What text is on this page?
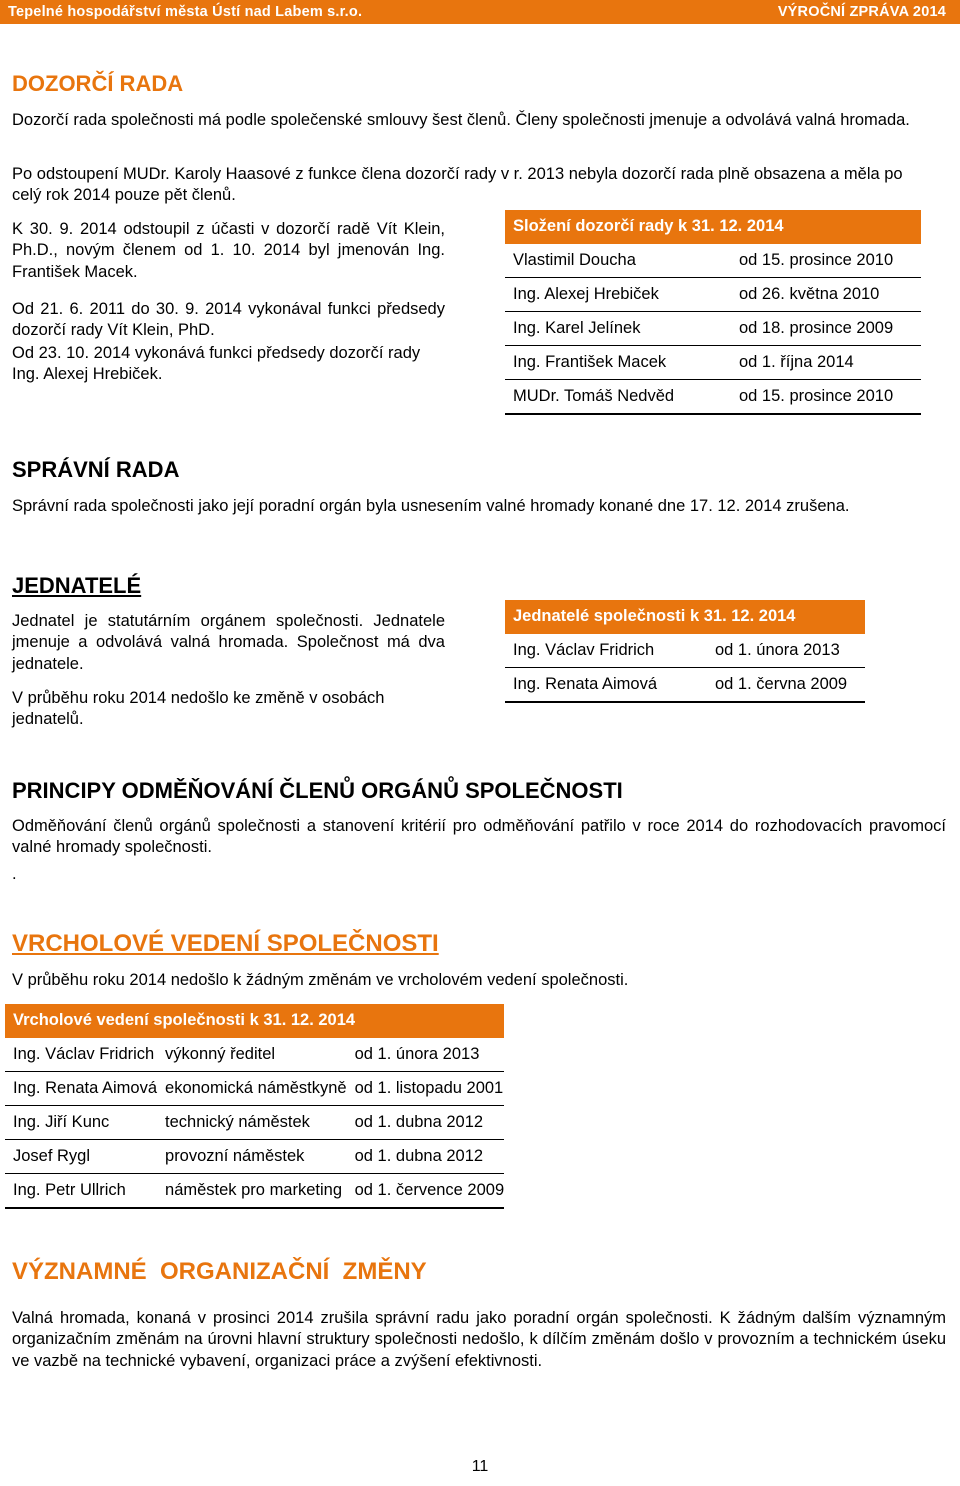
Tepelné hospodářství města Ústí nad Labem s.r.o.	VÝROČNÍ ZPRÁVA 2014
DOZORČÍ RADA

Dozorčí rada společnosti má podle společenské smlouvy šest členů. Členy společnosti jmenuje a odvolává valná hromada.

Po odstoupení MUDr. Karoly Haasové z funkce člena dozorčí rady v r. 2013 nebyla dozorčí rada plně obsazena a měla po celý rok 2014 pouze pět členů.

K 30. 9. 2014 odstoupil z účasti v dozorčí radě Vít Klein, Ph.D., novým členem od 1. 10. 2014 byl jmenován Ing. František Macek.

Od 21. 6. 2011 do 30. 9. 2014 vykonával funkci předsedy dozorčí rady Vít Klein, PhD.

Od 23. 10. 2014 vykonává funkci předsedy dozorčí rady Ing. Alexej Hrebiček.

Složení dozorčí rady k 31. 12. 2014	
Vlastimil Doucha	od 15. prosince 2010
Ing. Alexej Hrebiček	od 26. května 2010
Ing. Karel Jelínek	od 18. prosince 2009
Ing. František Macek	od 1. října 2014
MUDr. Tomáš Nedvěd	od 15. prosince 2010
SPRÁVNÍ RADA

Správní rada společnosti jako její poradní orgán byla usnesením valné hromady konané dne 17. 12. 2014 zrušena.

JEDNATELÉ

Jednatel je statutárním orgánem společnosti. Jednatele jmenuje a odvolává valná hromada. Společnost má dva jednatele.

V průběhu roku 2014 nedošlo ke změně v osobách jednatelů.

Jednatelé společnosti k 31. 12. 2014	
Ing. Václav Fridrich	od 1. února 2013
Ing. Renata Aimová	od 1. června 2009
PRINCIPY ODMĚŇOVÁNÍ ČLENŮ ORGÁNŮ SPOLEČNOSTI

Odměňování členů orgánů společnosti a stanovení kritérií pro odměňování patřilo v roce 2014 do rozhodovacích pravomocí valné hromady společnosti.

.

VRCHOLOVÉ VEDENÍ SPOLEČNOSTI

V průběhu roku 2014 nedošlo k žádným změnám ve vrcholovém vedení společnosti.

Vrcholové vedení společnosti k 31. 12. 2014		
Ing. Václav Fridrich	výkonný ředitel	od 1. února 2013
Ing. Renata Aimová	ekonomická náměstkyně	od 1. listopadu 2001
Ing. Jiří Kunc	technický náměstek	od 1. dubna 2012
Josef Rygl	provozní náměstek	od 1. dubna 2012
Ing. Petr Ullrich	náměstek pro marketing	od 1. července 2009
VÝZNAMNÉ  ORGANIZAČNÍ  ZMĚNY

Valná hromada, konaná v prosinci 2014 zrušila správní radu jako poradní orgán společnosti. K žádným dalším významným organizačním změnám na úrovni hlavní struktury společnosti nedošlo, k dílčím změnám došlo v provozním a technickém úseku ve vazbě na technické vybavení, organizaci práce a zvýšení efektivnosti.

11
